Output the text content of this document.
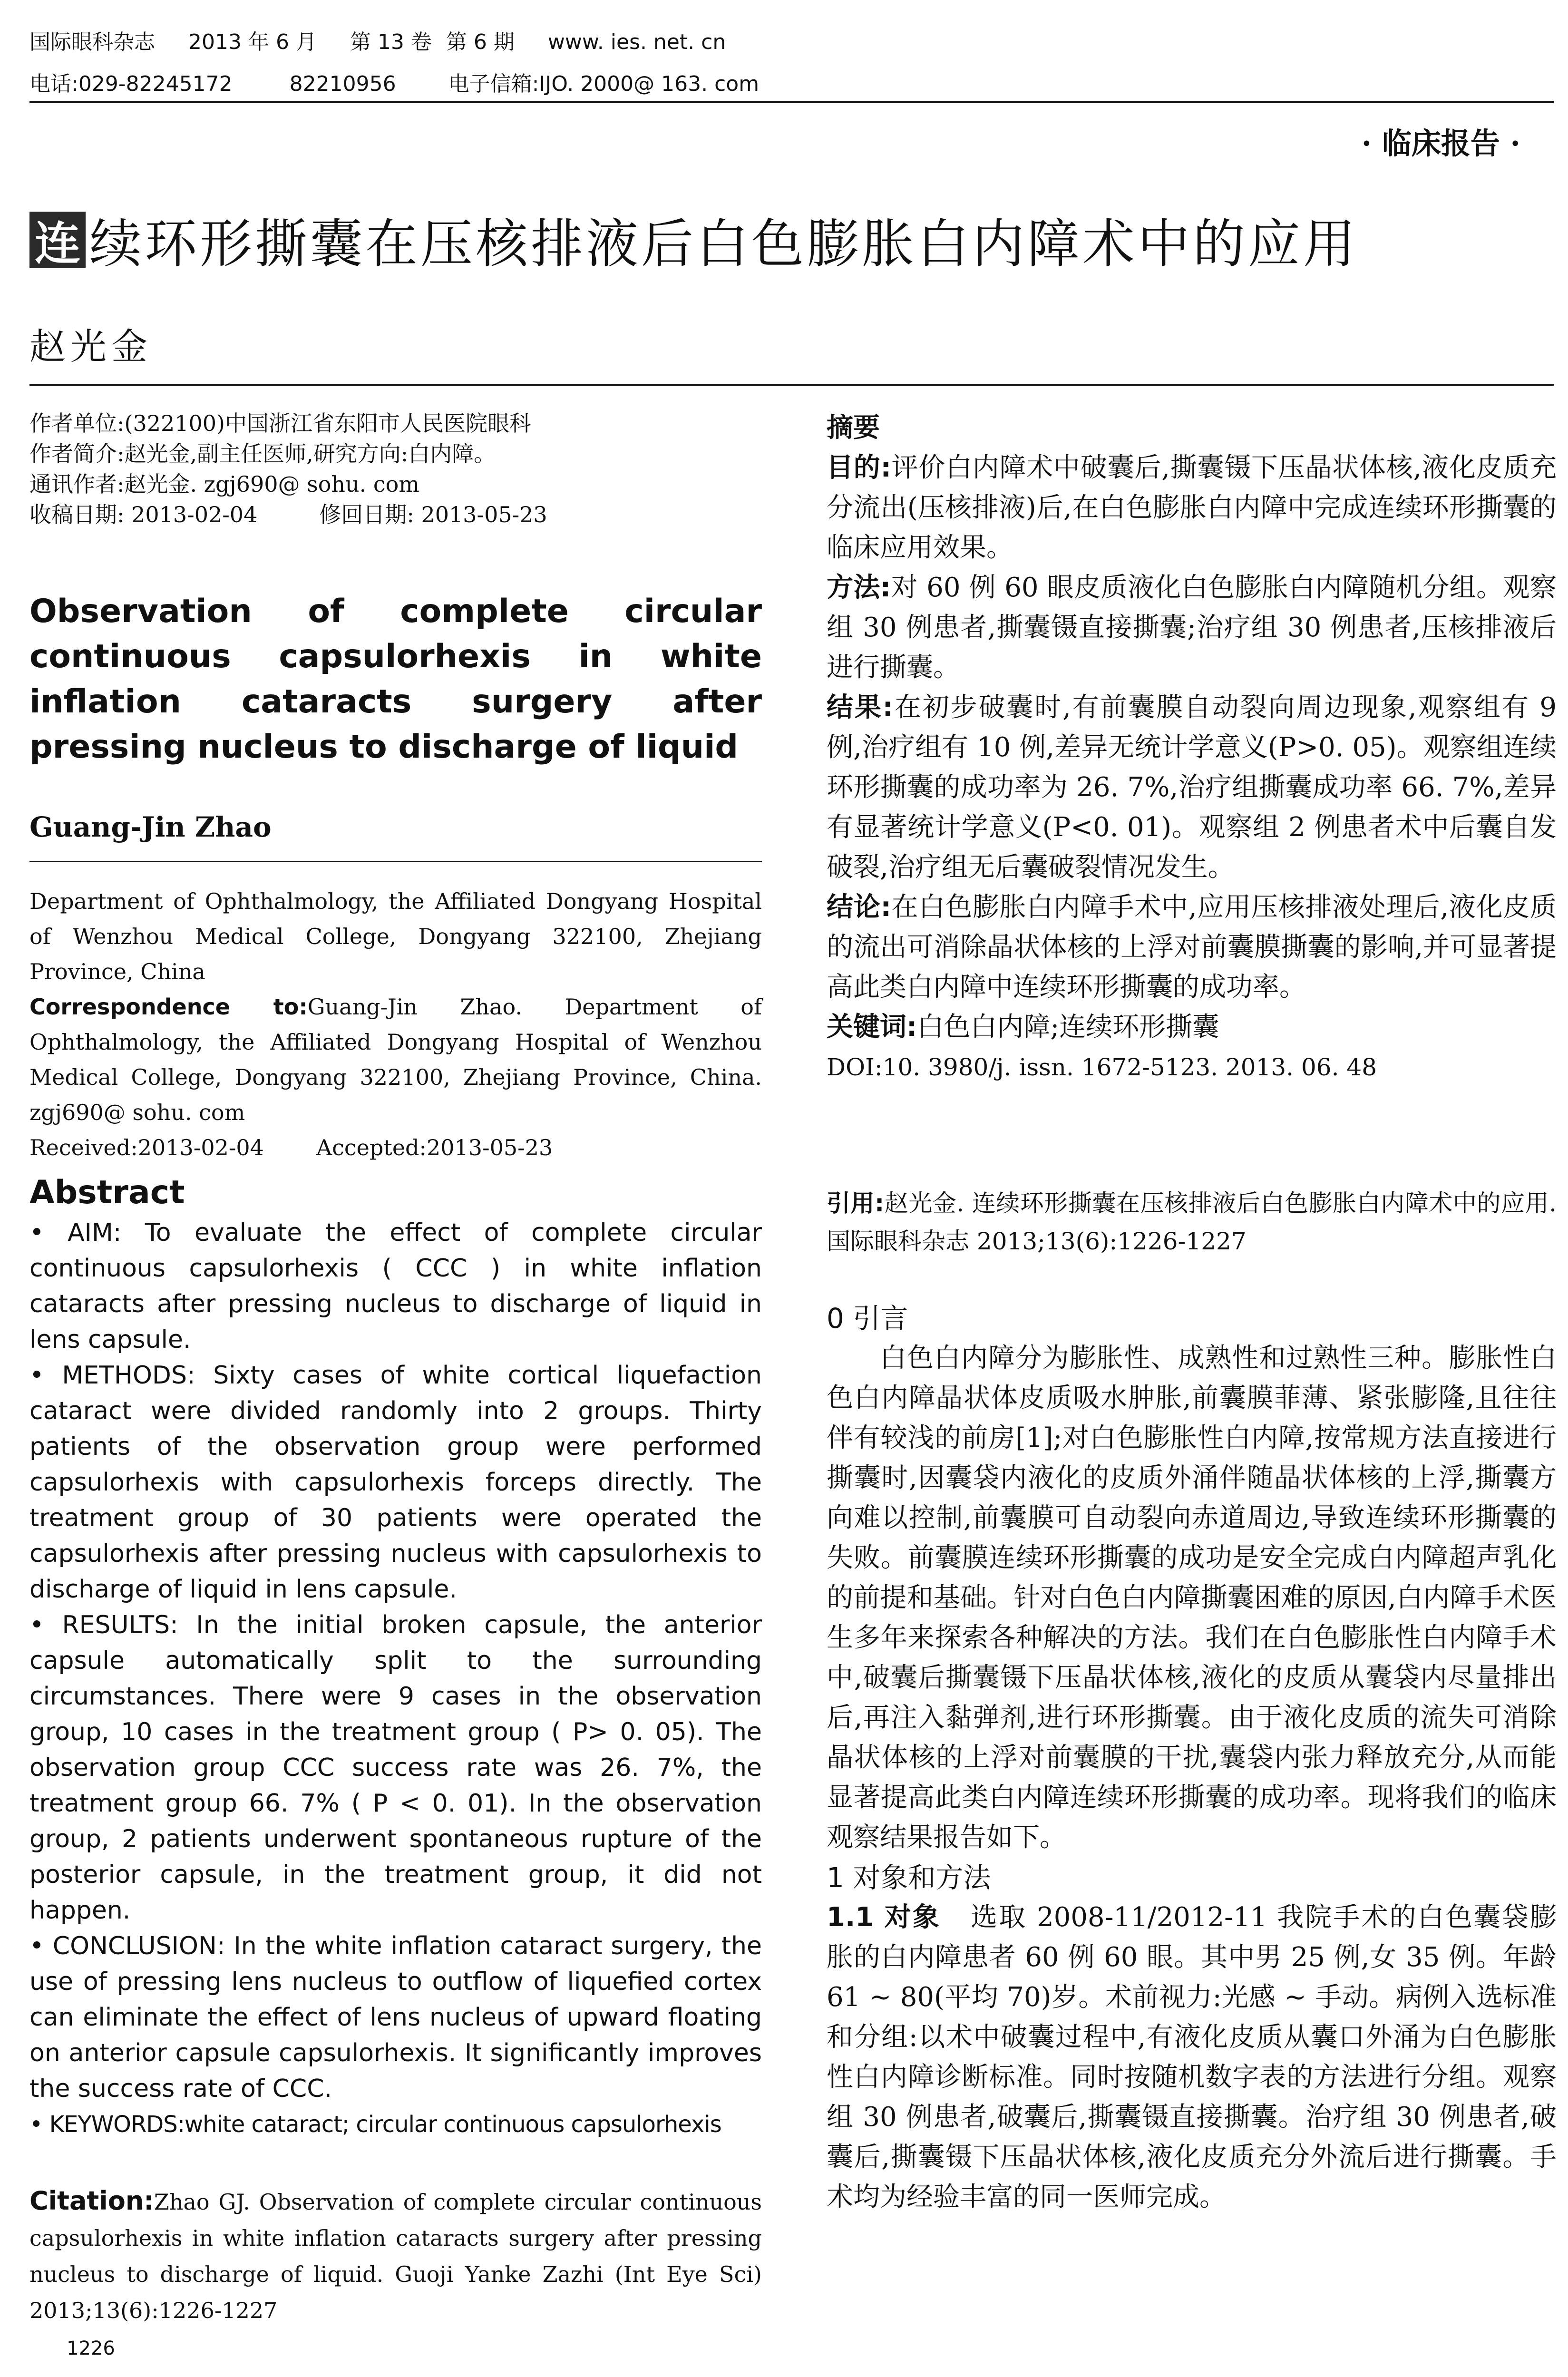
国际眼科杂志 2013 年 6 月 第 13 卷 第 6 期 www. ies. net. cn
电话:029-82245172	82210956	电子信箱:IJO. 2000@ 163. com
· 临床报告 ·
连 续环形撕囊在压核排液后白色膨胀白内障术中的应用
赵光金
作者单位:(322100)中国浙江省东阳市人民医院眼科
作者简介:赵光金,副主任医师,研究方向:白内障。
通讯作者:赵光金. zgj690@ sohu. com
收稿日期: 2013-02-04	修回日期: 2013-05-23
Observation of complete circular continuous capsulorhexis in white inflation cataracts surgery after pressing nucleus to discharge of liquid
Guang-Jin Zhao
Department of Ophthalmology, the Affiliated Dongyang Hospital of Wenzhou Medical College, Dongyang 322100, Zhejiang Province, China
Correspondence to:Guang-Jin Zhao. Department of Ophthalmology, the Affiliated Dongyang Hospital of Wenzhou Medical College, Dongyang 322100, Zhejiang Province, China. zgj690@ sohu. com
Received:2013-02-04 Accepted:2013-05-23
Abstract

• AIM: To evaluate the effect of complete circular continuous capsulorhexis ( CCC ) in white inflation cataracts after pressing nucleus to discharge of liquid in lens capsule.

• METHODS: Sixty cases of white cortical liquefaction cataract were divided randomly into 2 groups. Thirty patients of the observation group were performed capsulorhexis with capsulorhexis forceps directly. The treatment group of 30 patients were operated the capsulorhexis after pressing nucleus with capsulorhexis to discharge of liquid in lens capsule.

• RESULTS: In the initial broken capsule, the anterior capsule automatically split to the surrounding circumstances. There were 9 cases in the observation group, 10 cases in the treatment group ( P> 0. 05). The observation group CCC success rate was 26. 7%, the treatment group 66. 7% ( P < 0. 01). In the observation group, 2 patients underwent spontaneous rupture of the posterior capsule, in the treatment group, it did not happen.

• CONCLUSION: In the white inflation cataract surgery, the use of pressing lens nucleus to outflow of liquefied cortex can eliminate the effect of lens nucleus of upward floating on anterior capsule capsulorhexis. It significantly improves the success rate of CCC.

• KEYWORDS:white cataract; circular continuous capsulorhexis

Citation:Zhao GJ. Observation of complete circular continuous capsulorhexis in white inflation cataracts surgery after pressing nucleus to discharge of liquid. Guoji Yanke Zazhi (Int Eye Sci) 2013;13(6):1226-1227
1226

摘要

目的:评价白内障术中破囊后,撕囊镊下压晶状体核,液化皮质充分流出(压核排液)后,在白色膨胀白内障中完成连续环形撕囊的临床应用效果。

方法:对 60 例 60 眼皮质液化白色膨胀白内障随机分组。观察组 30 例患者,撕囊镊直接撕囊;治疗组 30 例患者,压核排液后进行撕囊。

结果:在初步破囊时,有前囊膜自动裂向周边现象,观察组有 9 例,治疗组有 10 例,差异无统计学意义(P>0. 05)。观察组连续环形撕囊的成功率为 26. 7%,治疗组撕囊成功率 66. 7%,差异有显著统计学意义(P<0. 01)。观察组 2 例患者术中后囊自发破裂,治疗组无后囊破裂情况发生。

结论:在白色膨胀白内障手术中,应用压核排液处理后,液化皮质的流出可消除晶状体核的上浮对前囊膜撕囊的影响,并可显著提高此类白内障中连续环形撕囊的成功率。

关键词:白色白内障;连续环形撕囊

DOI:10. 3980/j. issn. 1672-5123. 2013. 06. 48

引用:赵光金. 连续环形撕囊在压核排液后白色膨胀白内障术中的应用. 国际眼科杂志 2013;13(6):1226-1227

0 引言

白色白内障分为膨胀性、成熟性和过熟性三种。膨胀性白色白内障晶状体皮质吸水肿胀,前囊膜菲薄、紧张膨隆,且往往伴有较浅的前房[1];对白色膨胀性白内障,按常规方法直接进行撕囊时,因囊袋内液化的皮质外涌伴随晶状体核的上浮,撕囊方向难以控制,前囊膜可自动裂向赤道周边,导致连续环形撕囊的失败。前囊膜连续环形撕囊的成功是安全完成白内障超声乳化的前提和基础。针对白色白内障撕囊困难的原因,白内障手术医生多年来探索各种解决的方法。我们在白色膨胀性白内障手术中,破囊后撕囊镊下压晶状体核,液化的皮质从囊袋内尽量排出后,再注入黏弹剂,进行环形撕囊。由于液化皮质的流失可消除晶状体核的上浮对前囊膜的干扰,囊袋内张力释放充分,从而能显著提高此类白内障连续环形撕囊的成功率。现将我们的临床观察结果报告如下。

1 对象和方法

1.1 对象 选取 2008-11/2012-11 我院手术的白色囊袋膨胀的白内障患者 60 例 60 眼。其中男 25 例,女 35 例。年龄 61 ~ 80(平均 70)岁。术前视力:光感 ~ 手动。病例入选标准和分组:以术中破囊过程中,有液化皮质从囊口外涌为白色膨胀性白内障诊断标准。同时按随机数字表的方法进行分组。观察组 30 例患者,破囊后,撕囊镊直接撕囊。治疗组 30 例患者,破囊后,撕囊镊下压晶状体核,液化皮质充分外流后进行撕囊。手术均为经验丰富的同一医师完成。
